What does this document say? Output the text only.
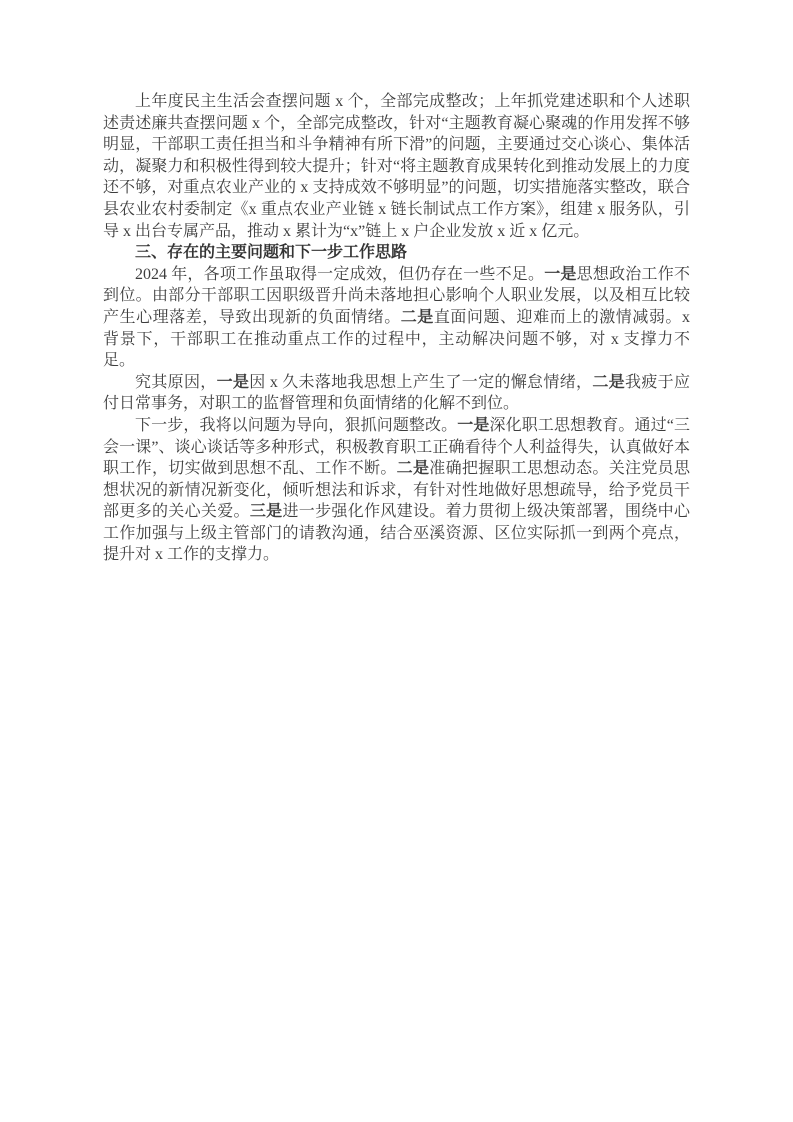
上年度民主生活会查摆问题 x 个，全部完成整改；上年抓党建述职和个人述职述责述廉共查摆问题 x 个，全部完成整改，针对“主题教育凝心聚魂的作用发挥不够明显，干部职工责任担当和斗争精神有所下滑”的问题，主要通过交心谈心、集体活动，凝聚力和积极性得到较大提升；针对“将主题教育成果转化到推动发展上的力度还不够，对重点农业产业的 x 支持成效不够明显”的问题，切实措施落实整改，联合县农业农村委制定《x 重点农业产业链 x 链长制试点工作方案》，组建 x 服务队，引导 x 出台专属产品，推动 x 累计为“x”链上 x 户企业发放 x 近 x 亿元。

三、存在的主要问题和下一步工作思路

2024 年，各项工作虽取得一定成效，但仍存在一些不足。一是思想政治工作不到位。由部分干部职工因职级晋升尚未落地担心影响个人职业发展，以及相互比较产生心理落差，导致出现新的负面情绪。二是直面问题、迎难而上的激情减弱。x 背景下，干部职工在推动重点工作的过程中，主动解决问题不够，对 x 支撑力不足。

究其原因，一是因 x 久未落地我思想上产生了一定的懈怠情绪，二是我疲于应付日常事务，对职工的监督管理和负面情绪的化解不到位。

下一步，我将以问题为导向，狠抓问题整改。一是深化职工思想教育。通过“三会一课”、谈心谈话等多种形式，积极教育职工正确看待个人利益得失，认真做好本职工作，切实做到思想不乱、工作不断。二是准确把握职工思想动态。关注党员思想状况的新情况新变化，倾听想法和诉求，有针对性地做好思想疏导，给予党员干部更多的关心关爱。三是进一步强化作风建设。着力贯彻上级决策部署，围绕中心工作加强与上级主管部门的请教沟通，结合巫溪资源、区位实际抓一到两个亮点，提升对 x 工作的支撑力。
